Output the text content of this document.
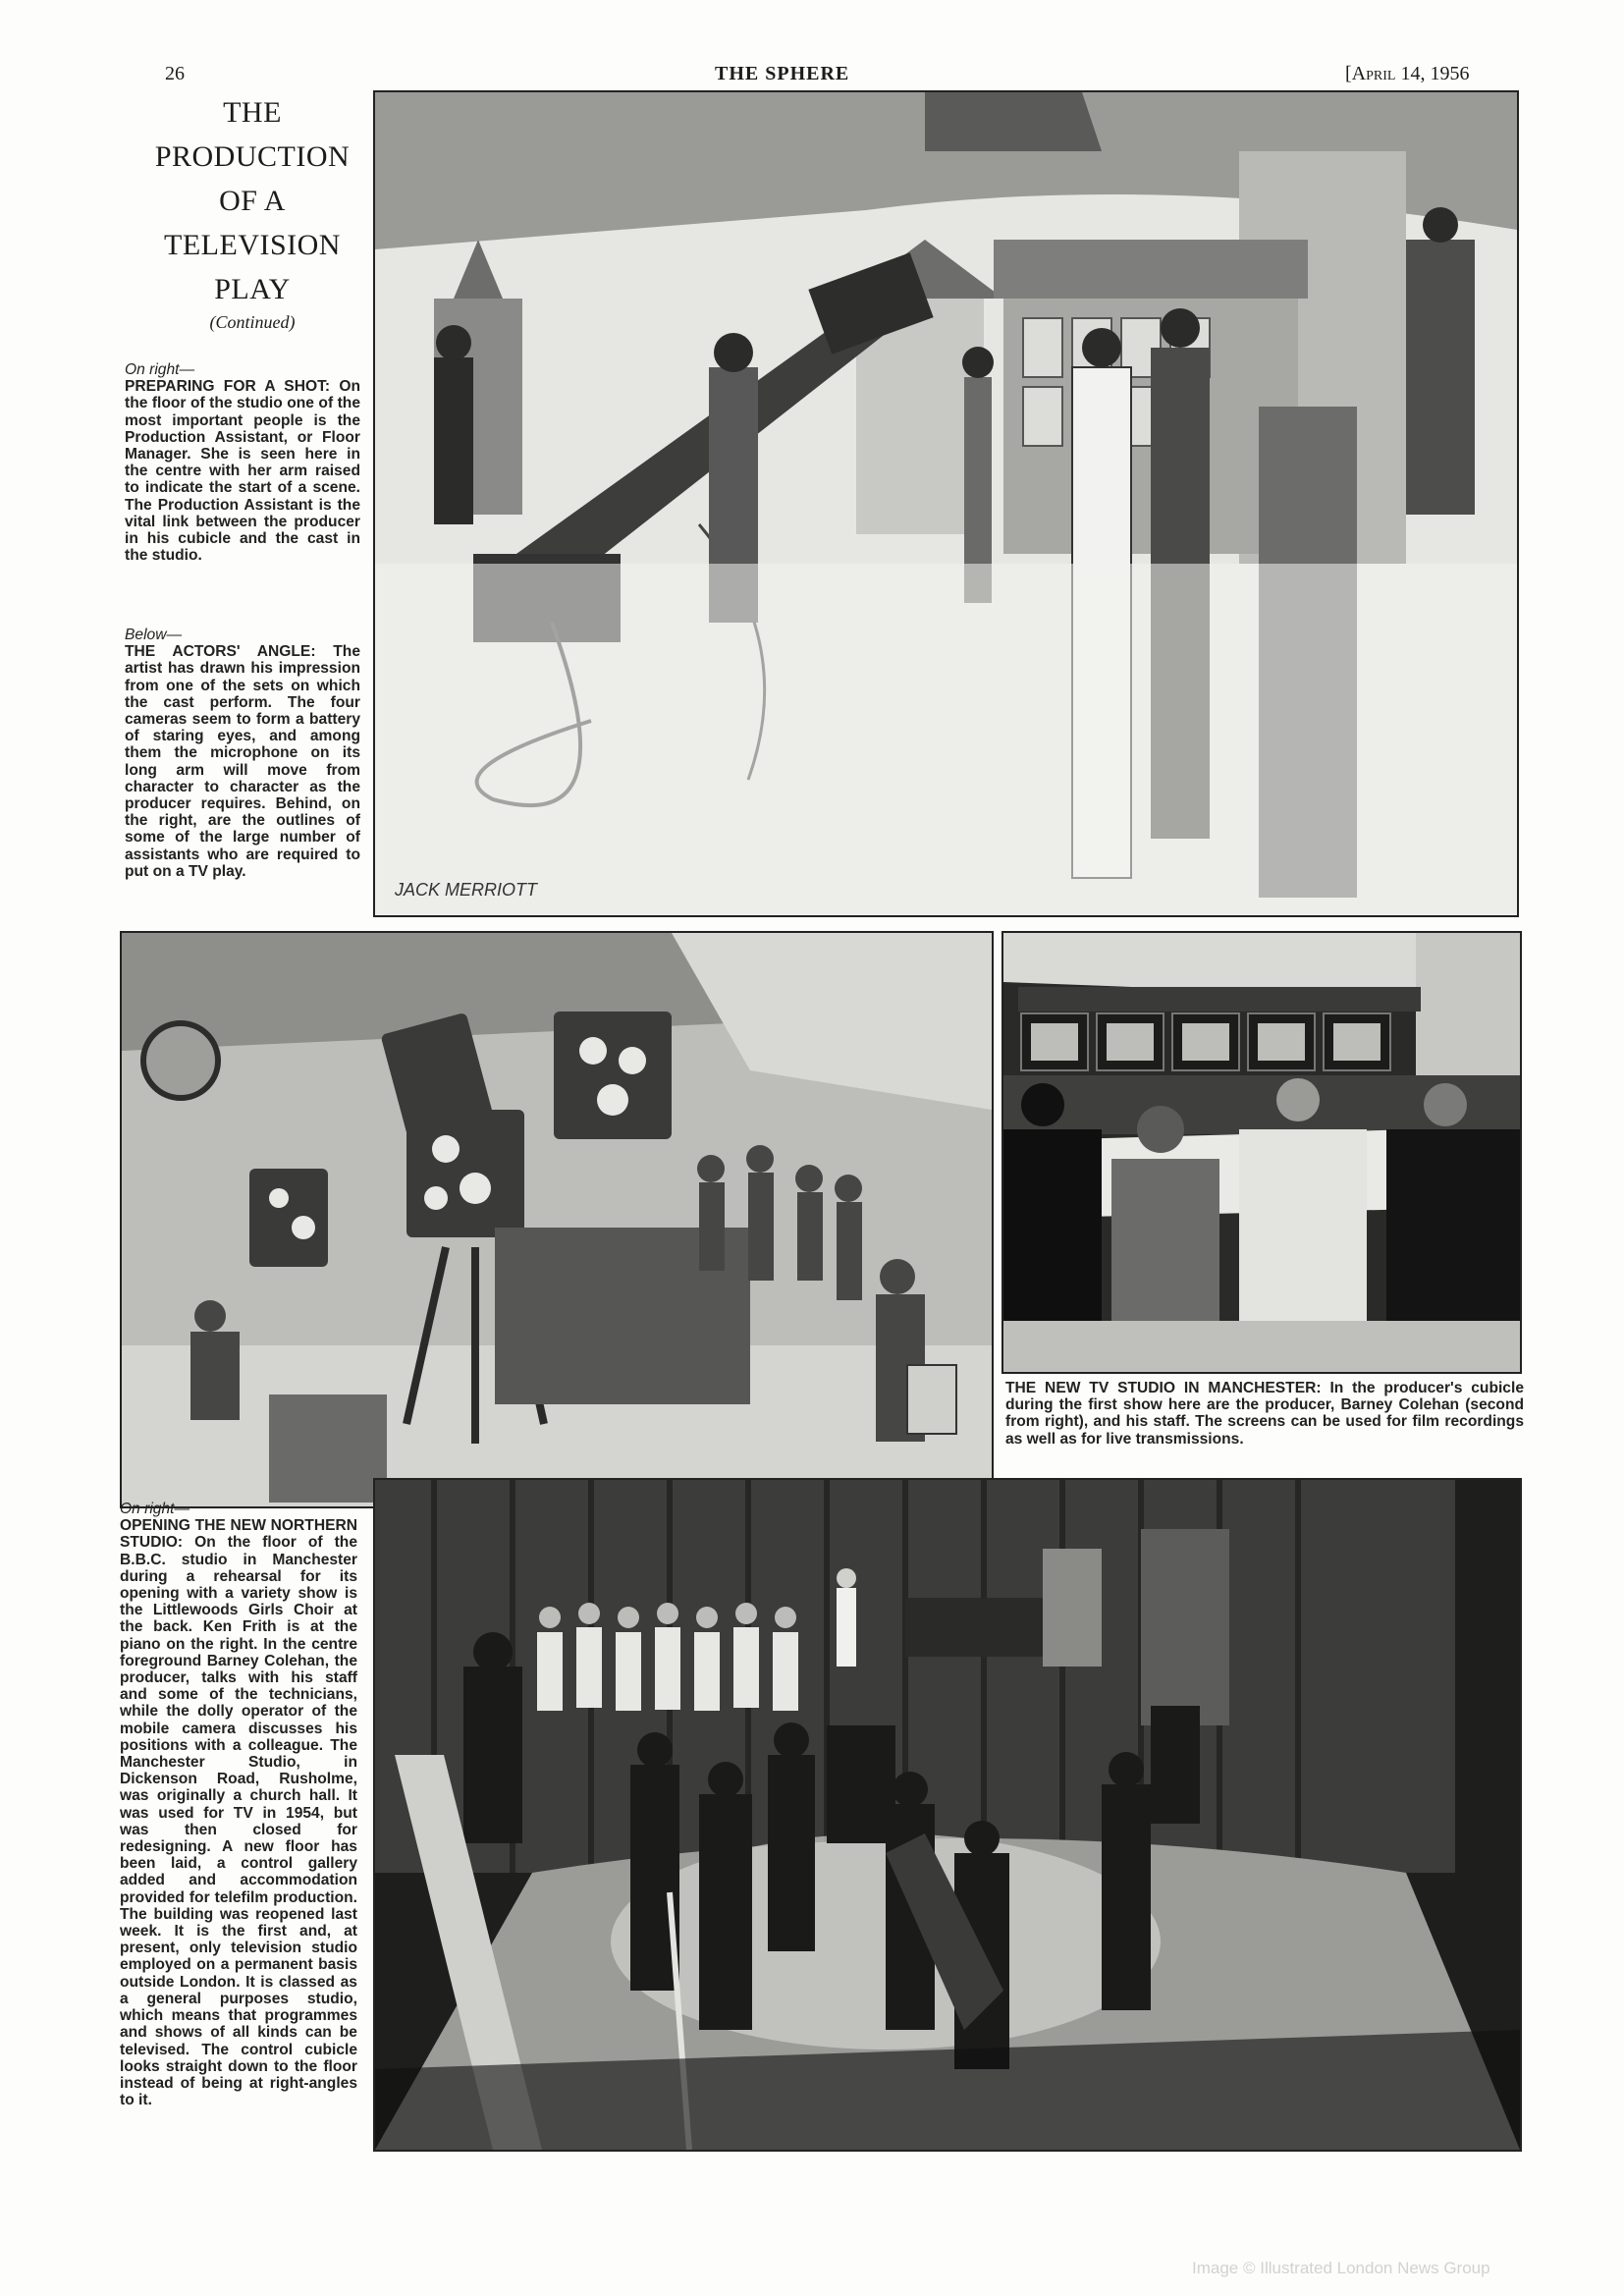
26	THE SPHERE	[April 14, 1956
THE
PRODUCTION
OF A
TELEVISION
PLAY
(Continued)
On right—
PREPARING FOR A SHOT: On the floor of the studio one of the most important people is the Production Assistant, or Floor Manager. She is seen here in the centre with her arm raised to indicate the start of a scene. The Production Assistant is the vital link between the producer in his cubicle and the cast in the studio.
Below—
THE ACTORS' ANGLE: The artist has drawn his impression from one of the sets on which the cast perform. The four cameras seem to form a battery of staring eyes, and among them the microphone on its long arm will move from character to character as the producer requires. Behind, on the right, are the outlines of some of the large number of assistants who are required to put on a TV play.
JACK MERRIOTT
THE NEW TV STUDIO IN MANCHESTER: In the producer's cubicle during the first show here are the producer, Barney Colehan (second from right), and his staff. The screens can be used for film recordings as well as for live transmissions.
On right—
OPENING THE NEW NORTHERN STUDIO: On the floor of the B.B.C. studio in Manchester during a rehearsal for its opening with a variety show is the Littlewoods Girls Choir at the back. Ken Frith is at the piano on the right. In the centre foreground Barney Colehan, the producer, talks with his staff and some of the technicians, while the dolly operator of the mobile camera discusses his positions with a colleague. The Manchester Studio, in Dickenson Road, Rusholme, was originally a church hall. It was used for TV in 1954, but was then closed for redesigning. A new floor has been laid, a control gallery added and accommodation provided for telefilm production. The building was reopened last week. It is the first and, at present, only television studio employed on a permanent basis outside London. It is classed as a general purposes studio, which means that programmes and shows of all kinds can be televised. The control cubicle looks straight down to the floor instead of being at right-angles to it.
Image © Illustrated London News Group
